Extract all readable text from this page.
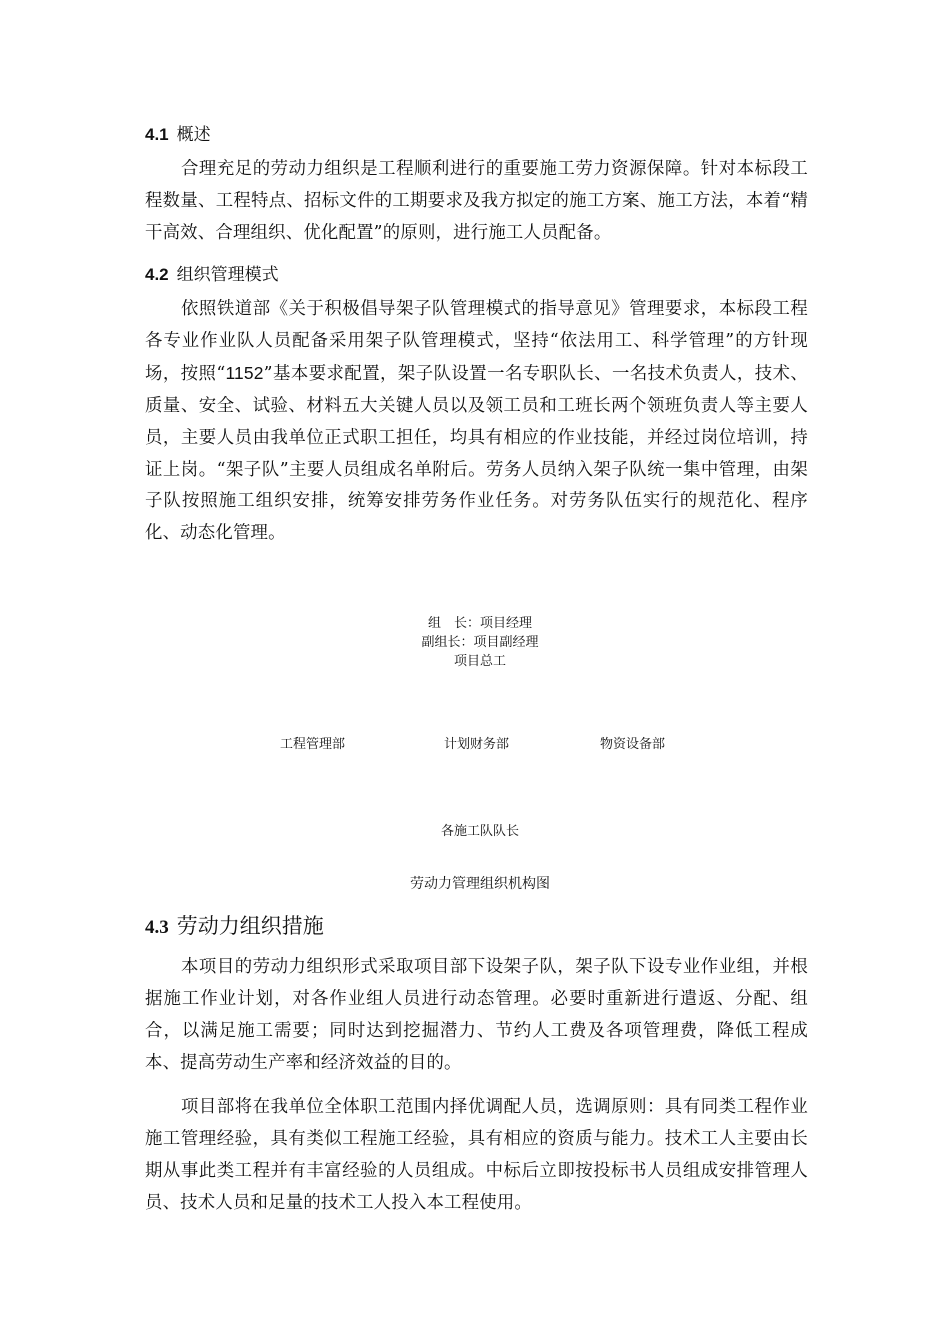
4.1 概述
合理充足的劳动力组织是工程顺利进行的重要施工劳力资源保障。针对本标段工程数量、工程特点、招标文件的工期要求及我方拟定的施工方案、施工方法，本着“精干高效、合理组织、优化配置”的原则，进行施工人员配备。
4.2 组织管理模式
依照铁道部《关于积极倡导架子队管理模式的指导意见》管理要求，本标段工程各专业作业队人员配备采用架子队管理模式，坚持“依法用工、科学管理”的方针现场，按照“1152”基本要求配置，架子队设置一名专职队长、一名技术负责人，技术、质量、安全、试验、材料五大关键人员以及领工员和工班长两个领班负责人等主要人员，主要人员由我单位正式职工担任，均具有相应的作业技能，并经过岗位培训，持证上岗。“架子队”主要人员组成名单附后。劳务人员纳入架子队统一集中管理，由架子队按照施工组织安排，统筹安排劳务作业任务。对劳务队伍实行的规范化、程序化、动态化管理。
组　长：项目经理
副组长：项目副经理
项目总工
工程管理部	计划财务部	物资设备部
各施工队队长
劳动力管理组织机构图
4.3 劳动力组织措施
本项目的劳动力组织形式采取项目部下设架子队，架子队下设专业作业组，并根据施工作业计划，对各作业组人员进行动态管理。必要时重新进行遣返、分配、组合，以满足施工需要；同时达到挖掘潜力、节约人工费及各项管理费，降低工程成本、提高劳动生产率和经济效益的目的。
项目部将在我单位全体职工范围内择优调配人员，选调原则：具有同类工程作业施工管理经验，具有类似工程施工经验，具有相应的资质与能力。技术工人主要由长期从事此类工程并有丰富经验的人员组成。中标后立即按投标书人员组成安排管理人员、技术人员和足量的技术工人投入本工程使用。
